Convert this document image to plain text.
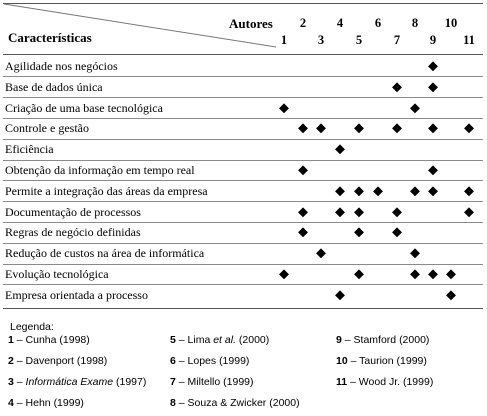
Autores
Características	1
2
3
4
5
6
7
8
9
10
11
Agilidade nos negócios
Base de dados única
Criação de uma base tecnológica
Controle e gestão
Eficiência
Obtenção da informação em tempo real
Permite a integração das áreas da empresa
Documentação de processos
Regras de negócio definidas
Redução de custos na área de informática
Evolução tecnológica
Empresa orientada a processo
Legenda:
1 – Cunha (1998)
2 – Davenport (1998)
3 – Informática Exame (1997)
4 – Hehn (1999)
5 – Lima et al. (2000)
6 – Lopes (1999)
7 – Miltello (1999)
8 – Souza & Zwicker (2000)
9 – Stamford (2000)
10 – Taurion (1999)
11 – Wood Jr. (1999)
